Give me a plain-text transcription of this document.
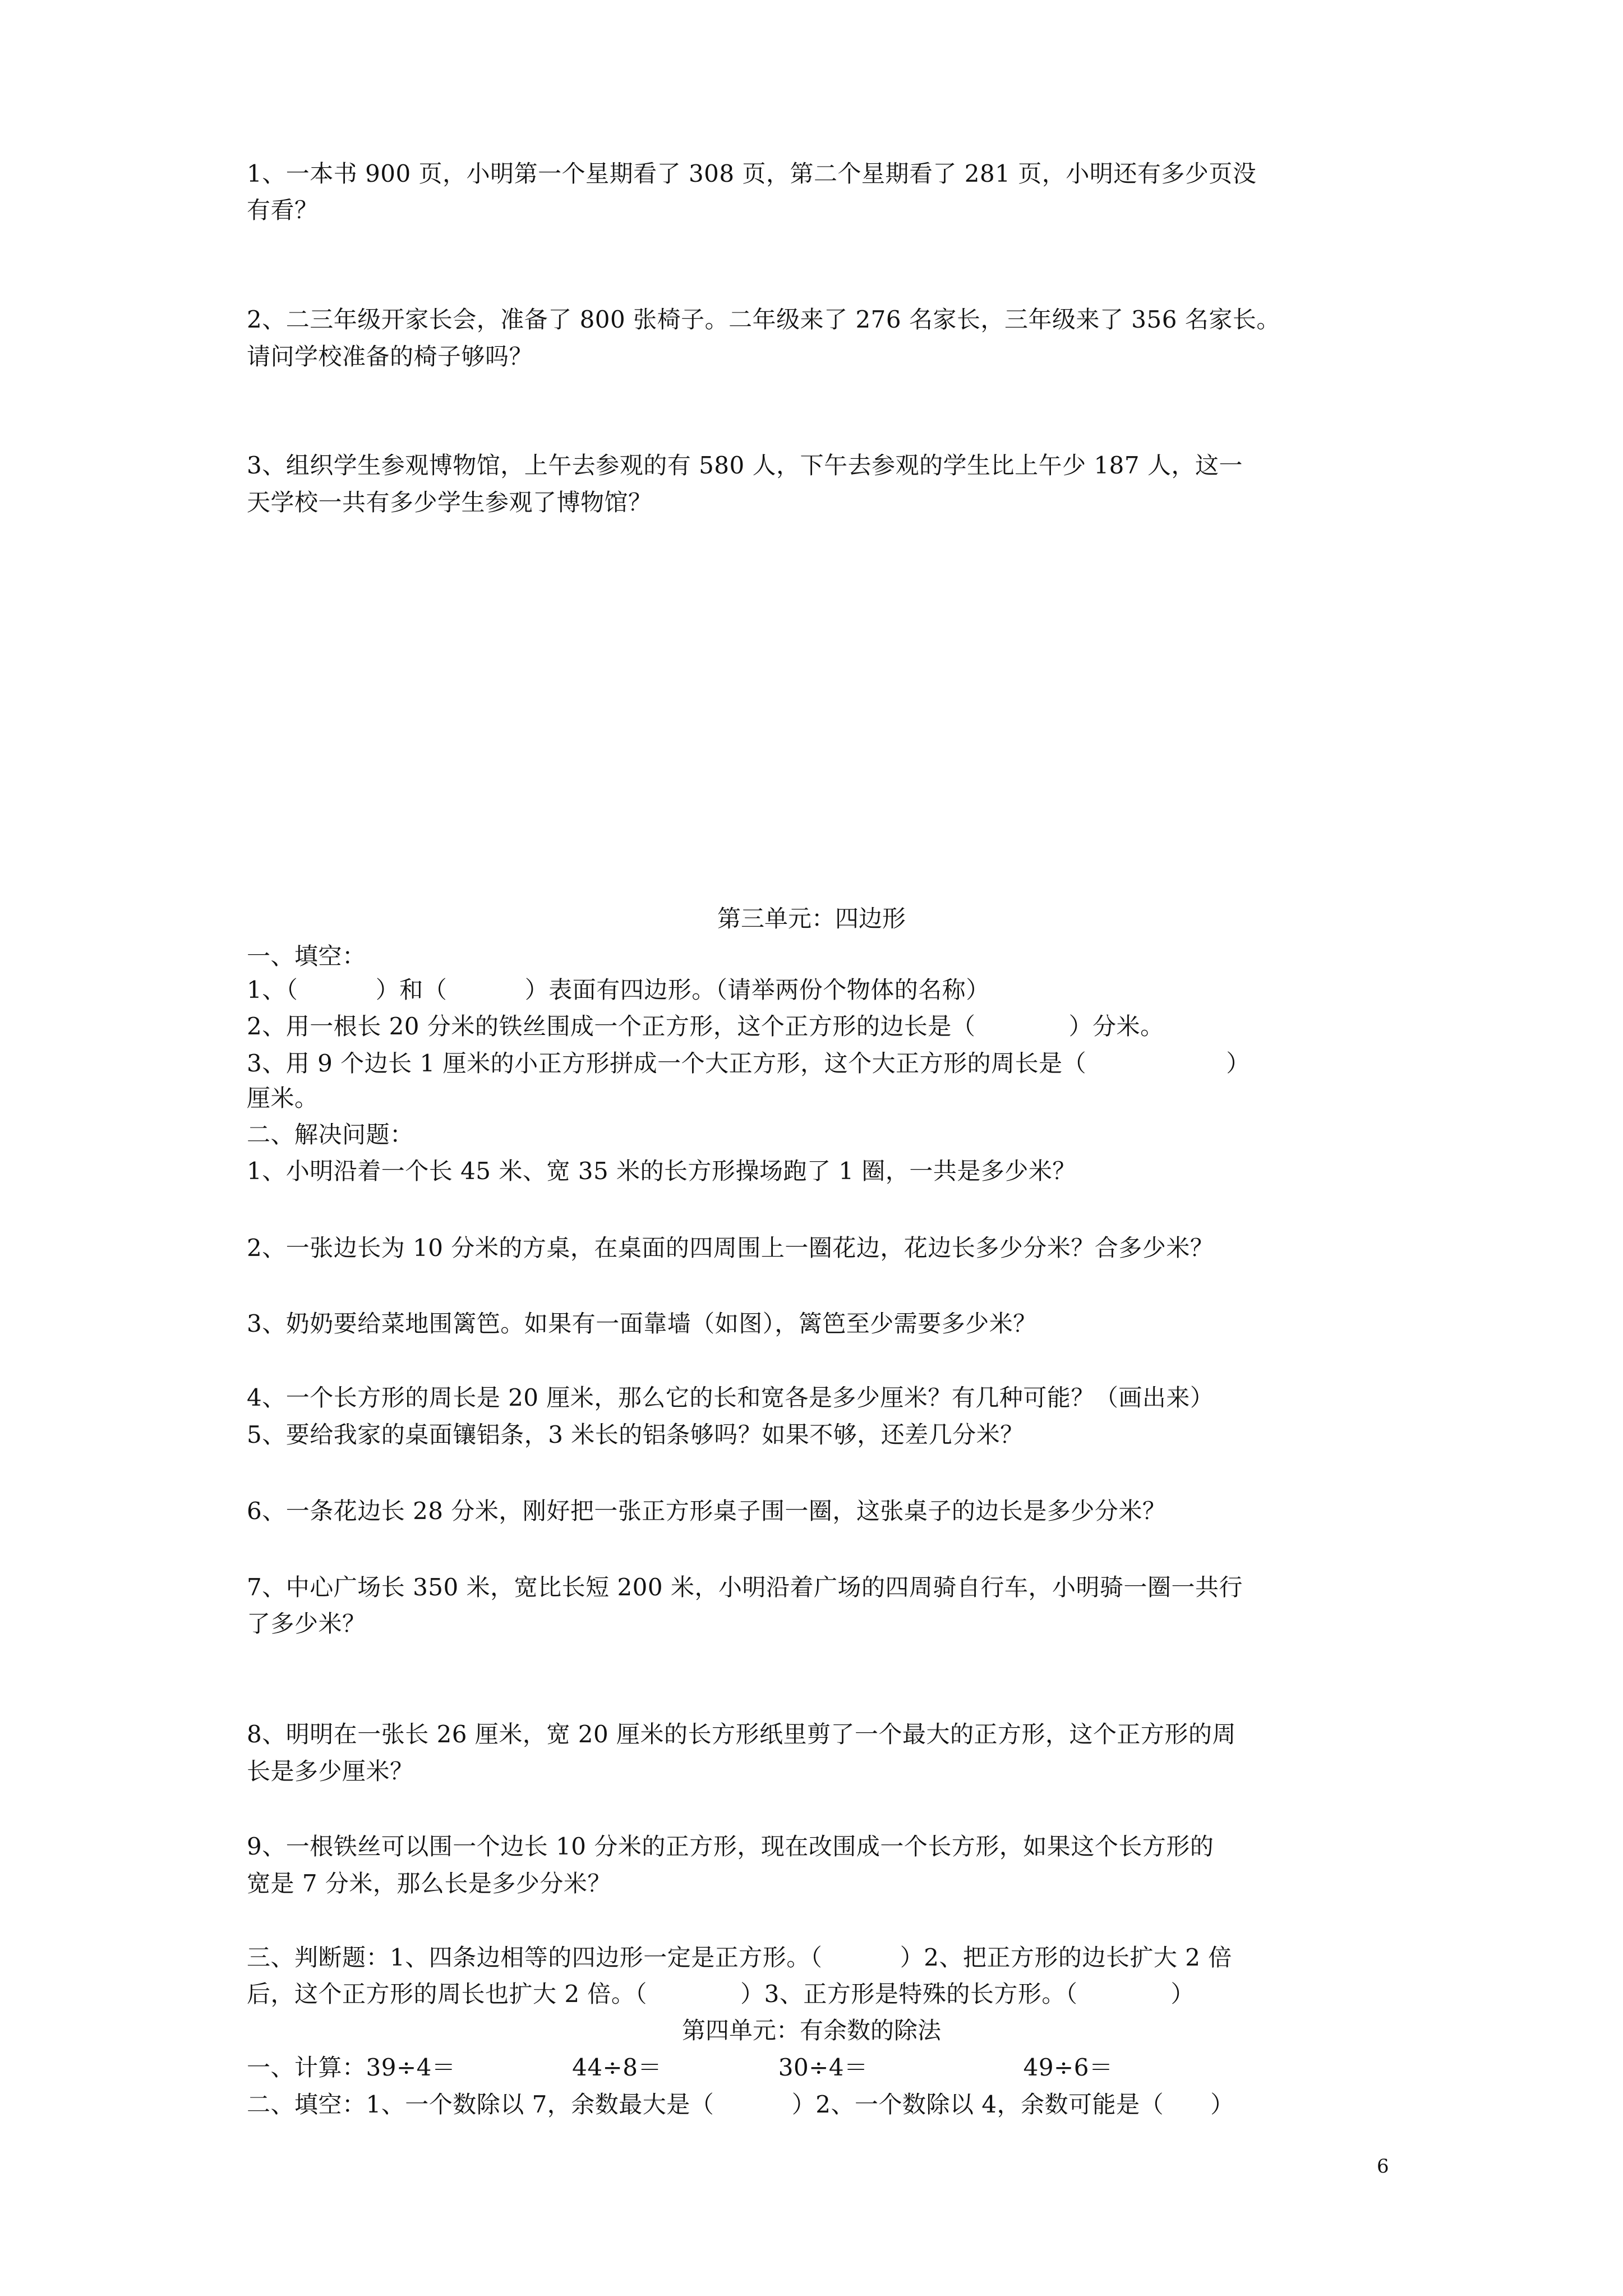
1、一本书 900 页，小明第一个星期看了 308 页，第二个星期看了 281 页，小明还有多少页没
有看？
2、二三年级开家长会，准备了 800 张椅子。二年级来了 276 名家长，三年级来了 356 名家长。
请问学校准备的椅子够吗？
3、组织学生参观博物馆，上午去参观的有 580 人，下午去参观的学生比上午少 187 人，这一
天学校一共有多少学生参观了博物馆？
第三单元：四边形
一、填空：
1、（          ）和（          ）表面有四边形。（请举两份个物体的名称）
2、用一根长 20 分米的铁丝围成一个正方形，这个正方形的边长是（            ）分米。
3、用 9 个边长 1 厘米的小正方形拼成一个大正方形，这个大正方形的周长是（                  ）
厘米。
二、解决问题：
1、小明沿着一个长 45 米、宽 35 米的长方形操场跑了 1 圈，一共是多少米？
2、一张边长为 10 分米的方桌，在桌面的四周围上一圈花边，花边长多少分米？合多少米？
3、奶奶要给菜地围篱笆。如果有一面靠墙（如图），篱笆至少需要多少米？
4、一个长方形的周长是 20 厘米，那么它的长和宽各是多少厘米？有几种可能？（画出来）
5、要给我家的桌面镶铝条，3 米长的铝条够吗？如果不够，还差几分米？
6、一条花边长 28 分米，刚好把一张正方形桌子围一圈，这张桌子的边长是多少分米？
7、中心广场长 350 米，宽比长短 200 米，小明沿着广场的四周骑自行车，小明骑一圈一共行
了多少米？
8、明明在一张长 26 厘米，宽 20 厘米的长方形纸里剪了一个最大的正方形，这个正方形的周
长是多少厘米？
9、一根铁丝可以围一个边长 10 分米的正方形，现在改围成一个长方形，如果这个长方形的
宽是 7 分米，那么长是多少分米？
三、判断题：1、四条边相等的四边形一定是正方形。（          ）2、把正方形的边长扩大 2 倍
后，这个正方形的周长也扩大 2 倍。（            ）3、正方形是特殊的长方形。（            ）
第四单元：有余数的除法
一、计算：39÷4＝               44÷8＝               30÷4＝                    49÷6＝
二、填空：1、一个数除以 7，余数最大是（          ）2、一个数除以 4，余数可能是（      ）
6
